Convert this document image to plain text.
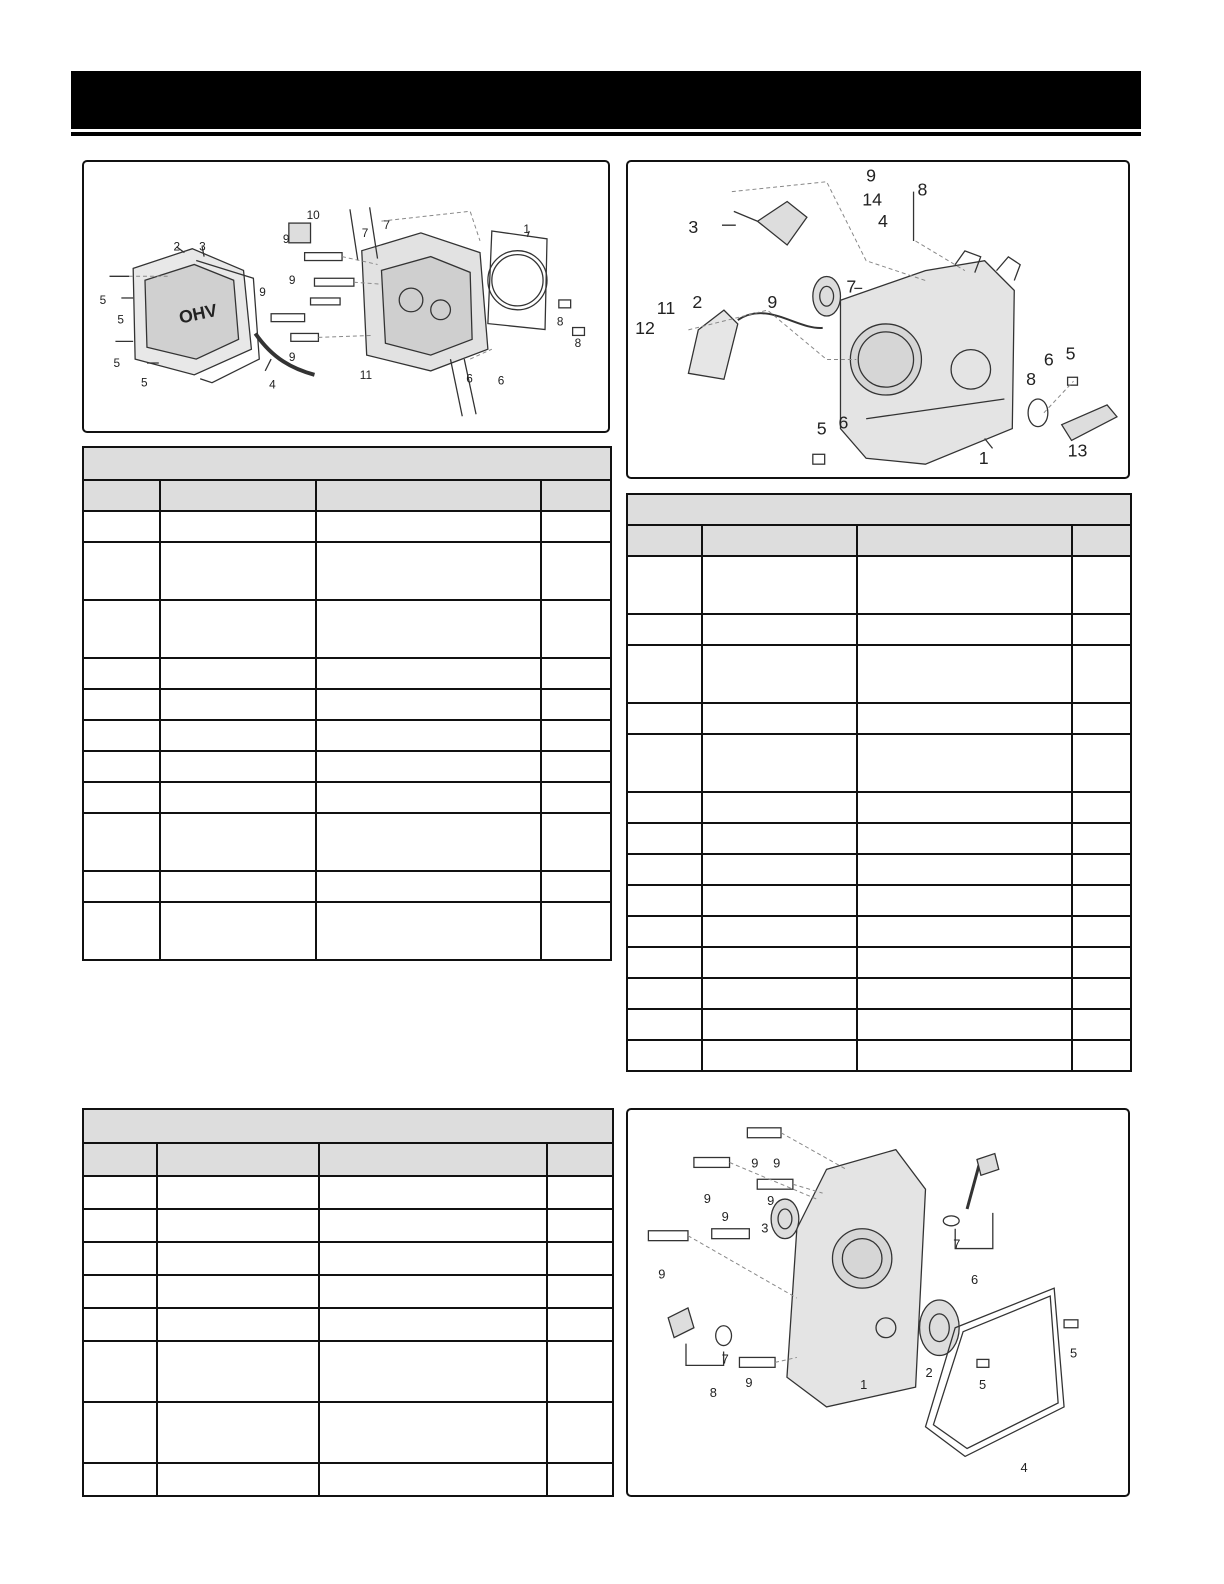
2 3
1
4
5
5
5
5	6 6
7
7
8
8
9
9
9
9
10
11
OHV

9
14 8
4
3
2	9
11
12
7
8
6 5
5 6
1	13

9 9
9	9
9
9
9
3
1
2
4
5
5
6
7
7
8
